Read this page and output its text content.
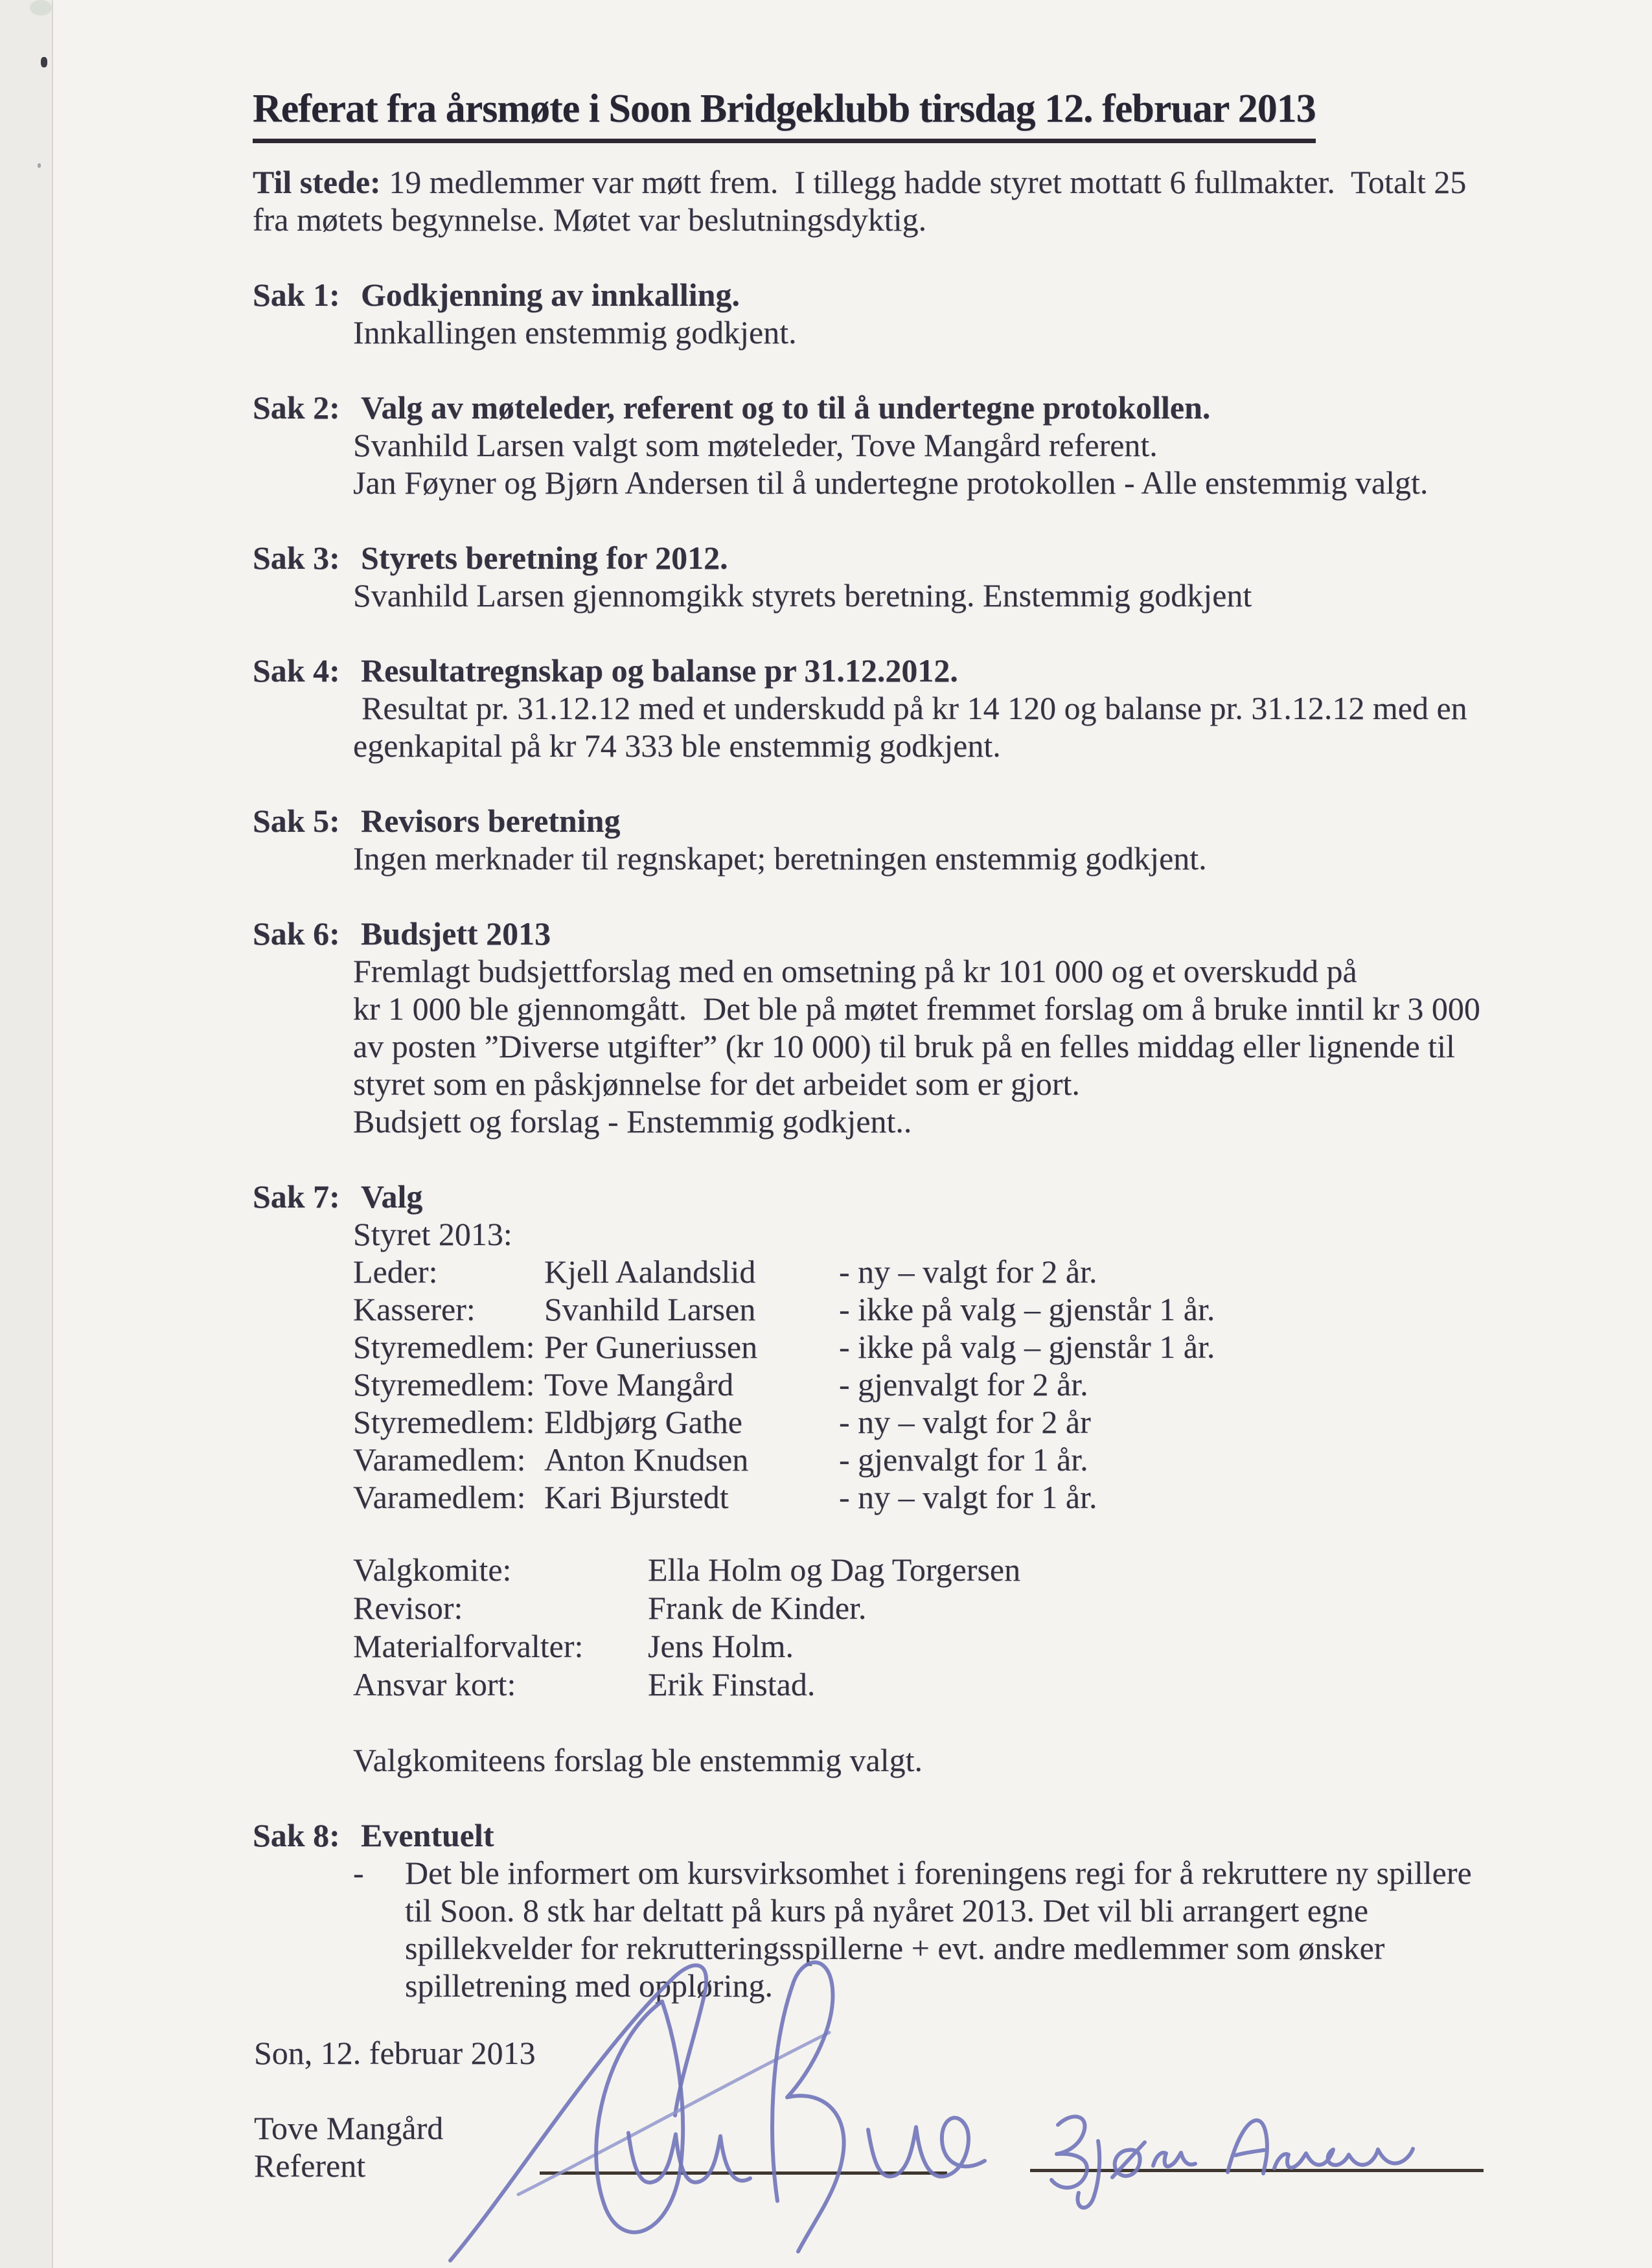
Referat fra årsmøte i Soon Bridgeklubb tirsdag 12. februar 2013
Til stede: 19 medlemmer var møtt frem.  I tillegg hadde styret mottatt 6 fullmakter.  Totalt 25
fra møtets begynnelse. Møtet var beslutningsdyktig.
Sak 1: Godkjenning av innkalling.
Innkallingen enstemmig godkjent.
Sak 2: Valg av møteleder, referent og to til å undertegne protokollen.
Svanhild Larsen valgt som møteleder, Tove Mangård referent.
Jan Føyner og Bjørn Andersen til å undertegne protokollen - Alle enstemmig valgt.
Sak 3: Styrets beretning for 2012.
Svanhild Larsen gjennomgikk styrets beretning. Enstemmig godkjent
Sak 4: Resultatregnskap og balanse pr 31.12.2012.
Resultat pr. 31.12.12 med et underskudd på kr 14 120 og balanse pr. 31.12.12 med en
egenkapital på kr 74 333 ble enstemmig godkjent.
Sak 5: Revisors beretning
Ingen merknader til regnskapet; beretningen enstemmig godkjent.
Sak 6: Budsjett 2013
Fremlagt budsjettforslag med en omsetning på kr 101 000 og et overskudd på
kr 1 000 ble gjennomgått.  Det ble på møtet fremmet forslag om å bruke inntil kr 3 000
av posten ”Diverse utgifter” (kr 10 000) til bruk på en felles middag eller lignende til
styret som en påskjønnelse for det arbeidet som er gjort.
Budsjett og forslag - Enstemmig godkjent..
Sak 7: Valg
Styret 2013:
Leder:	Kjell Aalandslid	- ny – valgt for 2 år.
Kasserer:	Svanhild Larsen	- ikke på valg – gjenstår 1 år.
Styremedlem: Per Guneriussen	- ikke på valg – gjenstår 1 år.
Styremedlem: Tove Mangård	- gjenvalgt for 2 år.
Styremedlem: Eldbjørg Gathe	- ny – valgt for 2 år
Varamedlem: Anton Knudsen	- gjenvalgt for 1 år.
Varamedlem: Kari Bjurstedt	- ny – valgt for 1 år.
Valgkomite:	Ella Holm og Dag Torgersen
Revisor:	Frank de Kinder.
Materialforvalter:	Jens Holm.
Ansvar kort:	Erik Finstad.
Valgkomiteens forslag ble enstemmig valgt.
Sak 8: Eventuelt
- Det ble informert om kursvirksomhet i foreningens regi for å rekruttere ny spillere
til Soon. 8 stk har deltatt på kurs på nyåret 2013. Det vil bli arrangert egne
spillekvelder for rekrutteringsspillerne + evt. andre medlemmer som ønsker
spilletrening med oppløring.
Son, 12. februar 2013
Tove Mangård
Referent
